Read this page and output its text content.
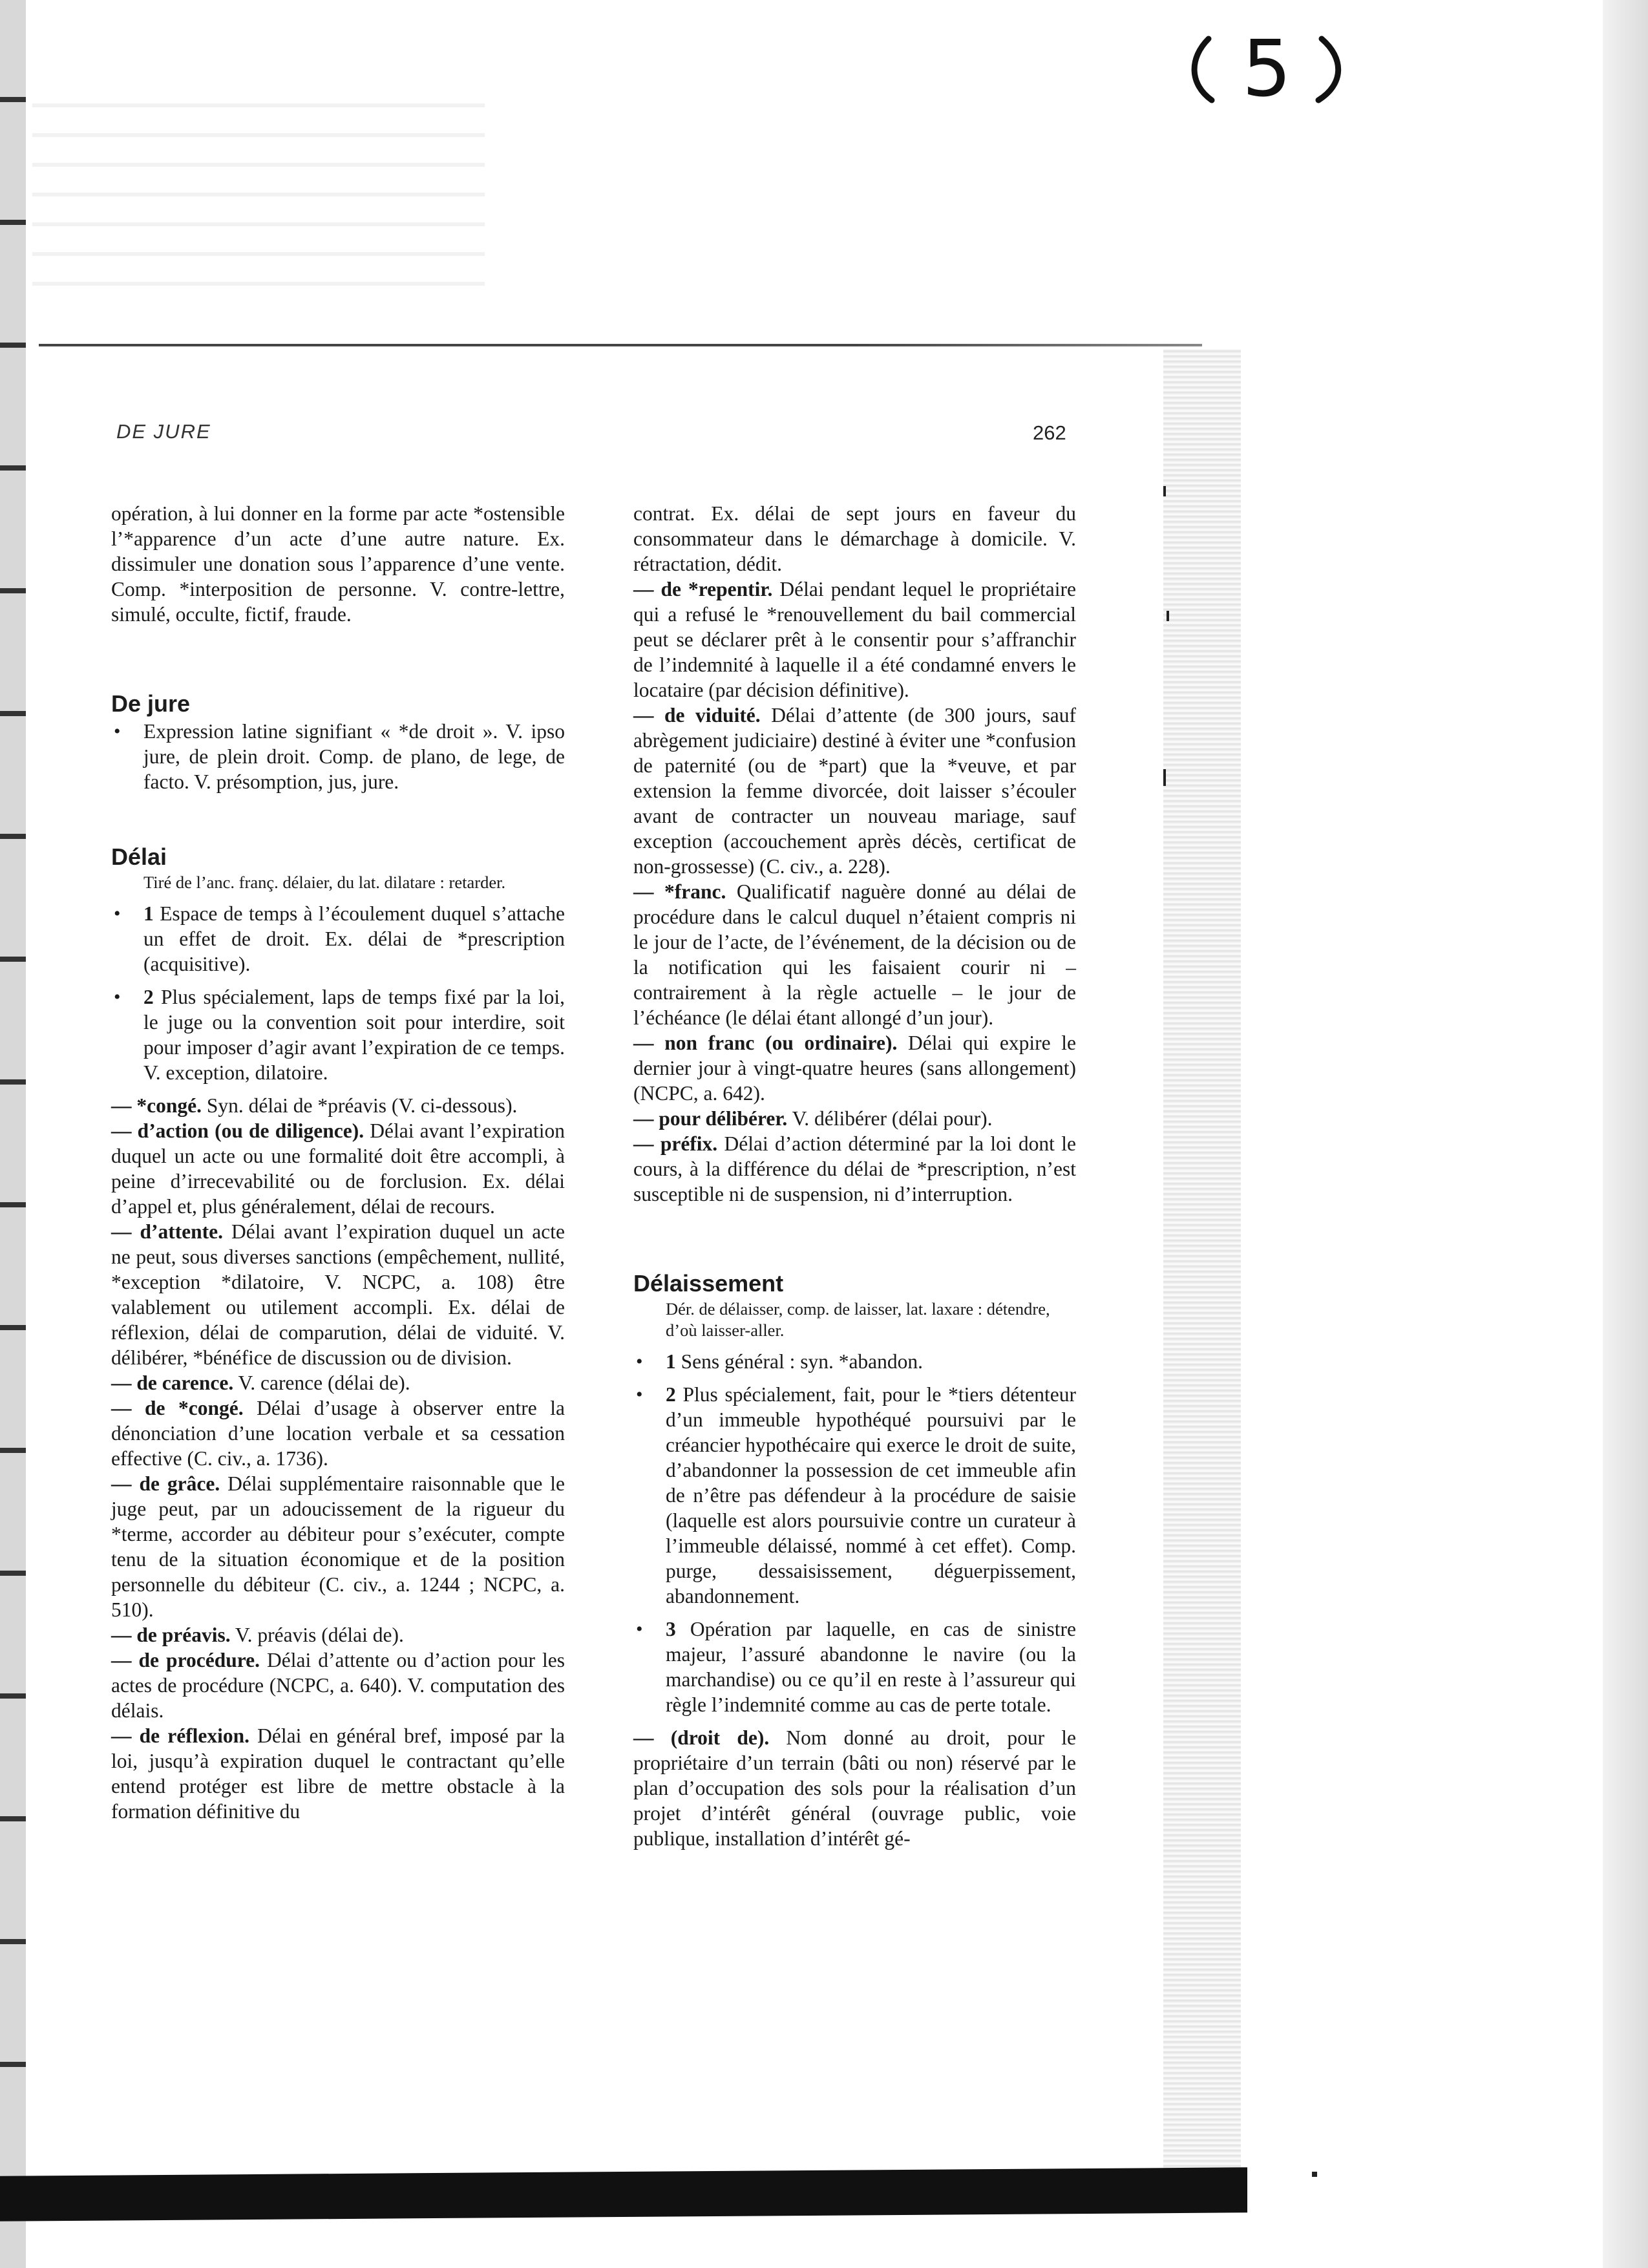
5
DE JURE	262

opération, à lui donner en la forme par acte *ostensible l’*apparence d’un acte d’une autre nature. Ex. dissimuler une donation sous l’apparence d’une vente. Comp. *interposition de personne. V. contre-lettre, simulé, occulte, fictif, fraude.

De jure

• Expression latine signifiant « *de droit ». V. ipso jure, de plein droit. Comp. de plano, de lege, de facto. V. présomption, jus, jure.

Délai

Tiré de l’anc. franç. délaier, du lat. dilatare : retarder.

• 1 Espace de temps à l’écoulement duquel s’attache un effet de droit. Ex. délai de *prescription (acquisitive).

• 2 Plus spécialement, laps de temps fixé par la loi, le juge ou la convention soit pour interdire, soit pour imposer d’agir avant l’expiration de ce temps. V. exception, dilatoire.

— *congé. Syn. délai de *préavis (V. ci-dessous).

— d’action (ou de diligence). Délai avant l’expiration duquel un acte ou une formalité doit être accompli, à peine d’irrecevabilité ou de forclusion. Ex. délai d’appel et, plus généralement, délai de recours.

— d’attente. Délai avant l’expiration duquel un acte ne peut, sous diverses sanctions (empêchement, nullité, *exception *dilatoire, V. NCPC, a. 108) être valablement ou utilement accompli. Ex. délai de réflexion, délai de comparution, délai de viduité. V. délibérer, *bénéfice de discussion ou de division.

— de carence. V. carence (délai de).

— de *congé. Délai d’usage à observer entre la dénonciation d’une location verbale et sa cessation effective (C. civ., a. 1736).

— de grâce. Délai supplémentaire raisonnable que le juge peut, par un adoucissement de la rigueur du *terme, accorder au débiteur pour s’exécuter, compte tenu de la situation économique et de la position personnelle du débiteur (C. civ., a. 1244 ; NCPC, a. 510).

— de préavis. V. préavis (délai de).

— de procédure. Délai d’attente ou d’action pour les actes de procédure (NCPC, a. 640). V. computation des délais.

— de réflexion. Délai en général bref, imposé par la loi, jusqu’à expiration duquel le contractant qu’elle entend protéger est libre de mettre obstacle à la formation définitive du

contrat. Ex. délai de sept jours en faveur du consommateur dans le démarchage à domicile. V. rétractation, dédit.

— de *repentir. Délai pendant lequel le propriétaire qui a refusé le *renouvellement du bail commercial peut se déclarer prêt à le consentir pour s’affranchir de l’indemnité à laquelle il a été condamné envers le locataire (par décision définitive).

— de viduité. Délai d’attente (de 300 jours, sauf abrègement judiciaire) destiné à éviter une *confusion de paternité (ou de *part) que la *veuve, et par extension la femme divorcée, doit laisser s’écouler avant de contracter un nouveau mariage, sauf exception (accouchement après décès, certificat de non-grossesse) (C. civ., a. 228).

— *franc. Qualificatif naguère donné au délai de procédure dans le calcul duquel n’étaient compris ni le jour de l’acte, de l’événement, de la décision ou de la notification qui les faisaient courir ni – contrairement à la règle actuelle – le jour de l’échéance (le délai étant allongé d’un jour).

— non franc (ou ordinaire). Délai qui expire le dernier jour à vingt-quatre heures (sans allongement) (NCPC, a. 642).

— pour délibérer. V. délibérer (délai pour).

— préfix. Délai d’action déterminé par la loi dont le cours, à la différence du délai de *prescription, n’est susceptible ni de suspension, ni d’interruption.

Délaissement

Dér. de délaisser, comp. de laisser, lat. laxare : détendre, d’où laisser-aller.

• 1 Sens général : syn. *abandon.

• 2 Plus spécialement, fait, pour le *tiers détenteur d’un immeuble hypothéqué poursuivi par le créancier hypothécaire qui exerce le droit de suite, d’abandonner la possession de cet immeuble afin de n’être pas défendeur à la procédure de saisie (laquelle est alors poursuivie contre un curateur à l’immeuble délaissé, nommé à cet effet). Comp. purge, dessaisissement, déguerpissement, abandonnement.

• 3 Opération par laquelle, en cas de sinistre majeur, l’assuré abandonne le navire (ou la marchandise) ou ce qu’il en reste à l’assureur qui règle l’indemnité comme au cas de perte totale.

— (droit de). Nom donné au droit, pour le propriétaire d’un terrain (bâti ou non) réservé par le plan d’occupation des sols pour la réalisation d’un projet d’intérêt général (ouvrage public, voie publique, installation d’intérêt gé-
